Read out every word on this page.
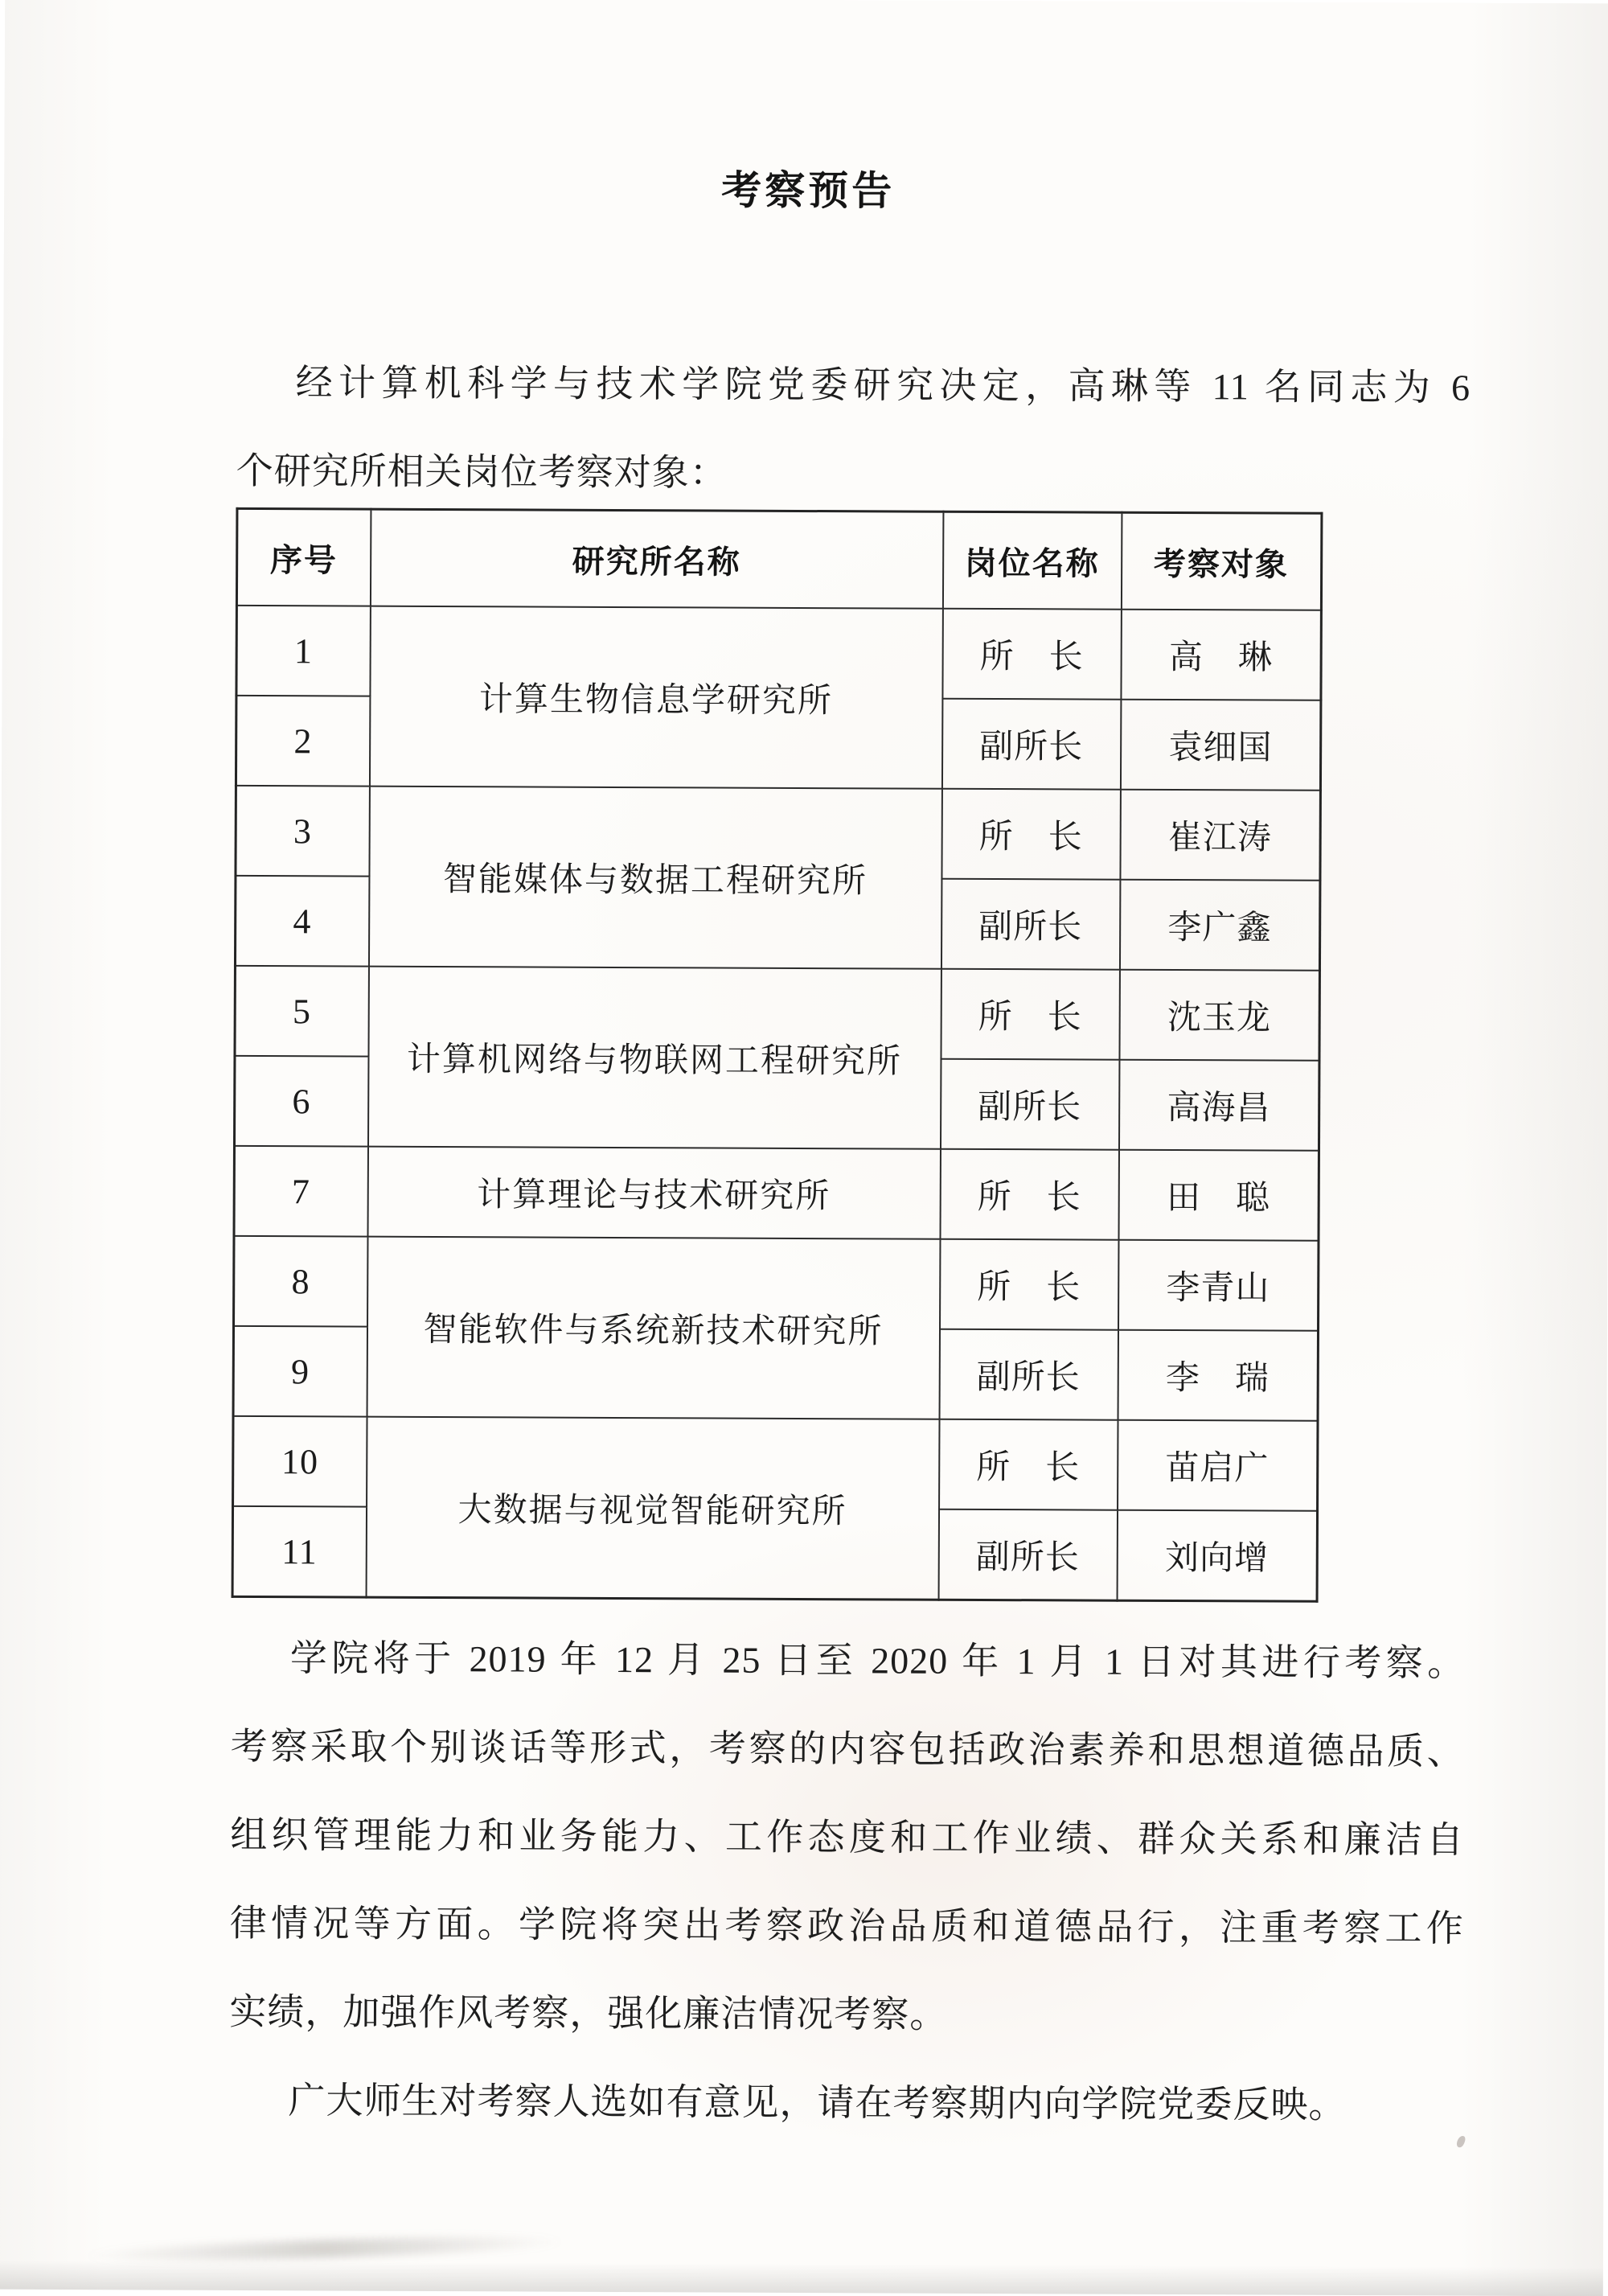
考察预告
经计算机科学与技术学院党委研究决定，高琳等 11 名同志为 6
个研究所相关岗位考察对象：
序号	研究所名称	岗位名称	考察对象
1	计算生物信息学研究所	所　长	高　琳
2		副所长	袁细国
3	智能媒体与数据工程研究所	所　长	崔江涛
4		副所长	李广鑫
5	计算机网络与物联网工程研究所	所　长	沈玉龙
6		副所长	高海昌
7	计算理论与技术研究所	所　长	田　聪
8	智能软件与系统新技术研究所	所　长	李青山
9		副所长	李　瑞
10	大数据与视觉智能研究所	所　长	苗启广
11		副所长	刘向增
学院将于 2019 年 12 月 25 日至 2020 年 1 月 1 日对其进行考察。
考察采取个别谈话等形式，考察的内容包括政治素养和思想道德品质、
组织管理能力和业务能力、工作态度和工作业绩、群众关系和廉洁自
律情况等方面。学院将突出考察政治品质和道德品行，注重考察工作
实绩，加强作风考察，强化廉洁情况考察。
广大师生对考察人选如有意见，请在考察期内向学院党委反映。
